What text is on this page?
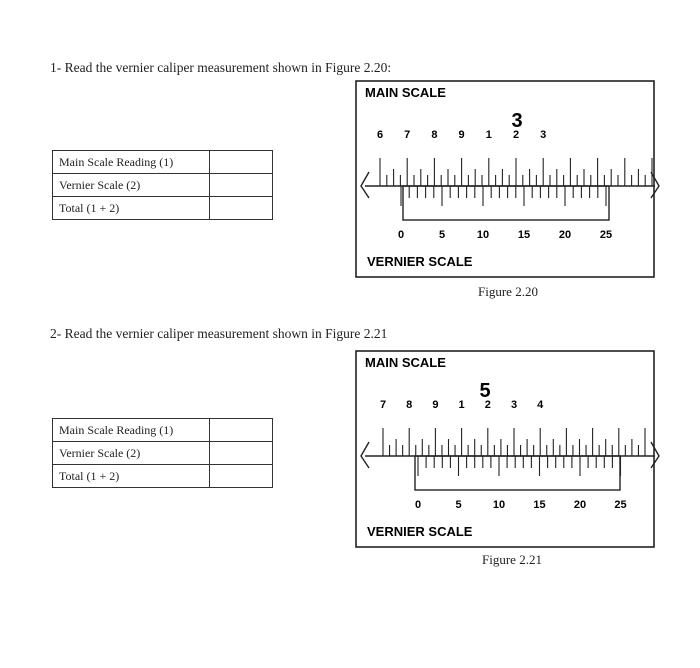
1- Read the vernier caliper measurement shown in Figure 2.20:
Main Scale Reading (1)	
Vernier Scale (2)	
Total (1 + 2)	
MAIN SCALE
3
6 7 8 9 1 2 3
0	5	10	15	20	25
VERNIER SCALE
Figure 2.20
2- Read the vernier caliper measurement shown in Figure 2.21
Main Scale Reading (1)	
Vernier Scale (2)	
Total (1 + 2)	
MAIN SCALE
5
7 8 9 1 2 3 4
0	5	10	15	20	25
VERNIER SCALE
Figure 2.21
